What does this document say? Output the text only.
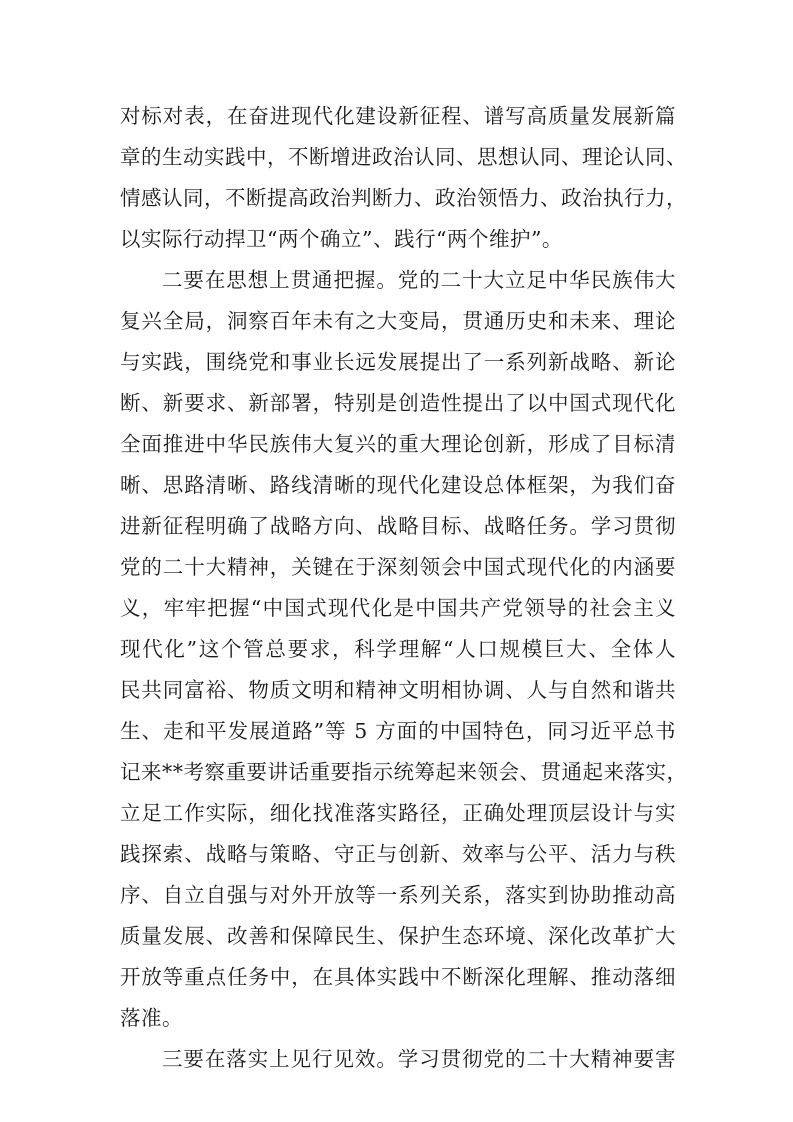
对标对表，在奋进现代化建设新征程、谱写高质量发展新篇
章的生动实践中，不断增进政治认同、思想认同、理论认同、
情感认同，不断提高政治判断力、政治领悟力、政治执行力，
以实际行动捍卫“两个确立”、践行“两个维护”。
二要在思想上贯通把握。党的二十大立足中华民族伟大
复兴全局，洞察百年未有之大变局，贯通历史和未来、理论
与实践，围绕党和事业长远发展提出了一系列新战略、新论
断、新要求、新部署，特别是创造性提出了以中国式现代化
全面推进中华民族伟大复兴的重大理论创新，形成了目标清
晰、思路清晰、路线清晰的现代化建设总体框架，为我们奋
进新征程明确了战略方向、战略目标、战略任务。学习贯彻
党的二十大精神，关键在于深刻领会中国式现代化的内涵要
义，牢牢把握“中国式现代化是中国共产党领导的社会主义
现代化”这个管总要求，科学理解“人口规模巨大、全体人
民共同富裕、物质文明和精神文明相协调、人与自然和谐共
生、走和平发展道路”等 5 方面的中国特色，同习近平总书
记来**考察重要讲话重要指示统筹起来领会、贯通起来落实，
立足工作实际，细化找准落实路径，正确处理顶层设计与实
践探索、战略与策略、守正与创新、效率与公平、活力与秩
序、自立自强与对外开放等一系列关系，落实到协助推动高
质量发展、改善和保障民生、保护生态环境、深化改革扩大
开放等重点任务中，在具体实践中不断深化理解、推动落细
落准。
三要在落实上见行见效。学习贯彻党的二十大精神要害
